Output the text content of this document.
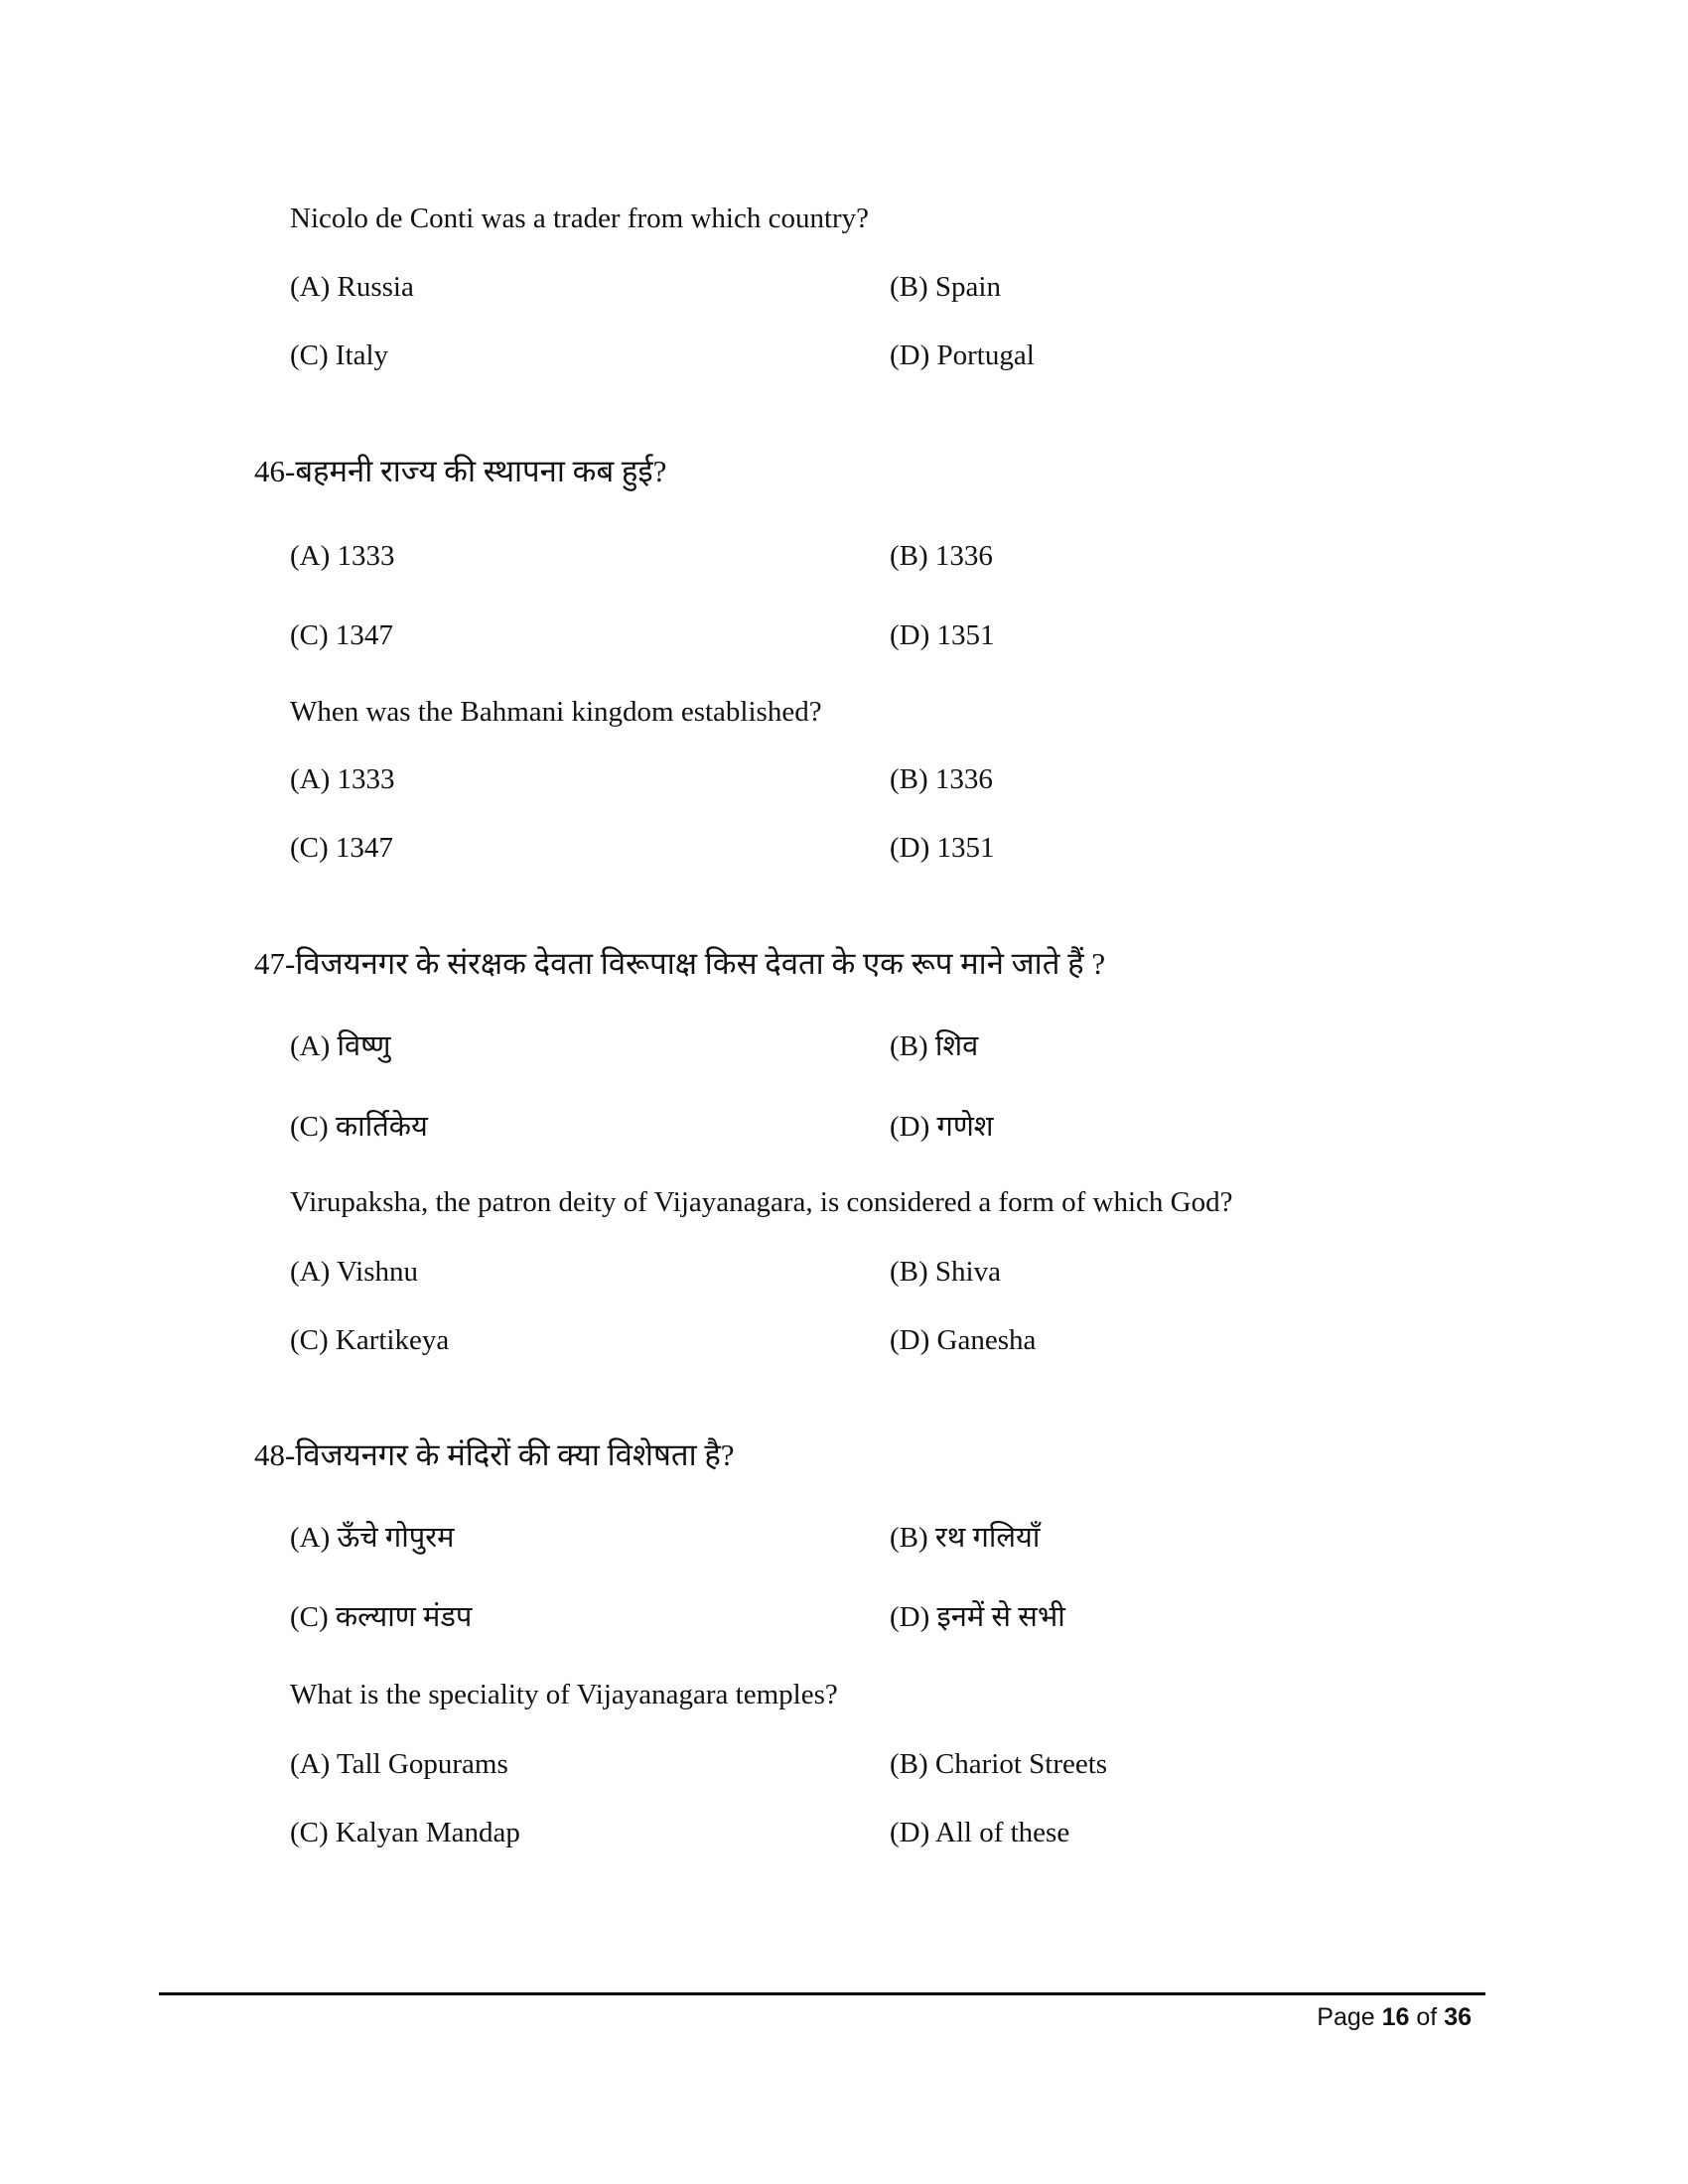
Nicolo de Conti was a trader from which country?
(A) Russia	(B) Spain
(C) Italy	(D) Portugal
46-बहमनी राज्य की स्थापना कब हुई?
(A) 1333	(B) 1336
(C) 1347	(D) 1351
When was the Bahmani kingdom established?
(A) 1333	(B) 1336
(C) 1347	(D) 1351
47-विजयनगर के संरक्षक देवता विरूपाक्ष किस देवता के एक रूप माने जाते हैं ?
(A) विष्णु	(B) शिव
(C) कार्तिकेय	(D) गणेश
Virupaksha, the patron deity of Vijayanagara, is considered a form of which God?
(A) Vishnu	(B) Shiva
(C) Kartikeya	(D) Ganesha
48-विजयनगर के मंदिरों की क्या विशेषता है?
(A) ऊँचे गोपुरम	(B) रथ गलियाँ
(C) कल्याण मंडप	(D) इनमें से सभी
What is the speciality of Vijayanagara temples?
(A) Tall Gopurams	(B) Chariot Streets
(C) Kalyan Mandap	(D) All of these
Page 16 of 36
